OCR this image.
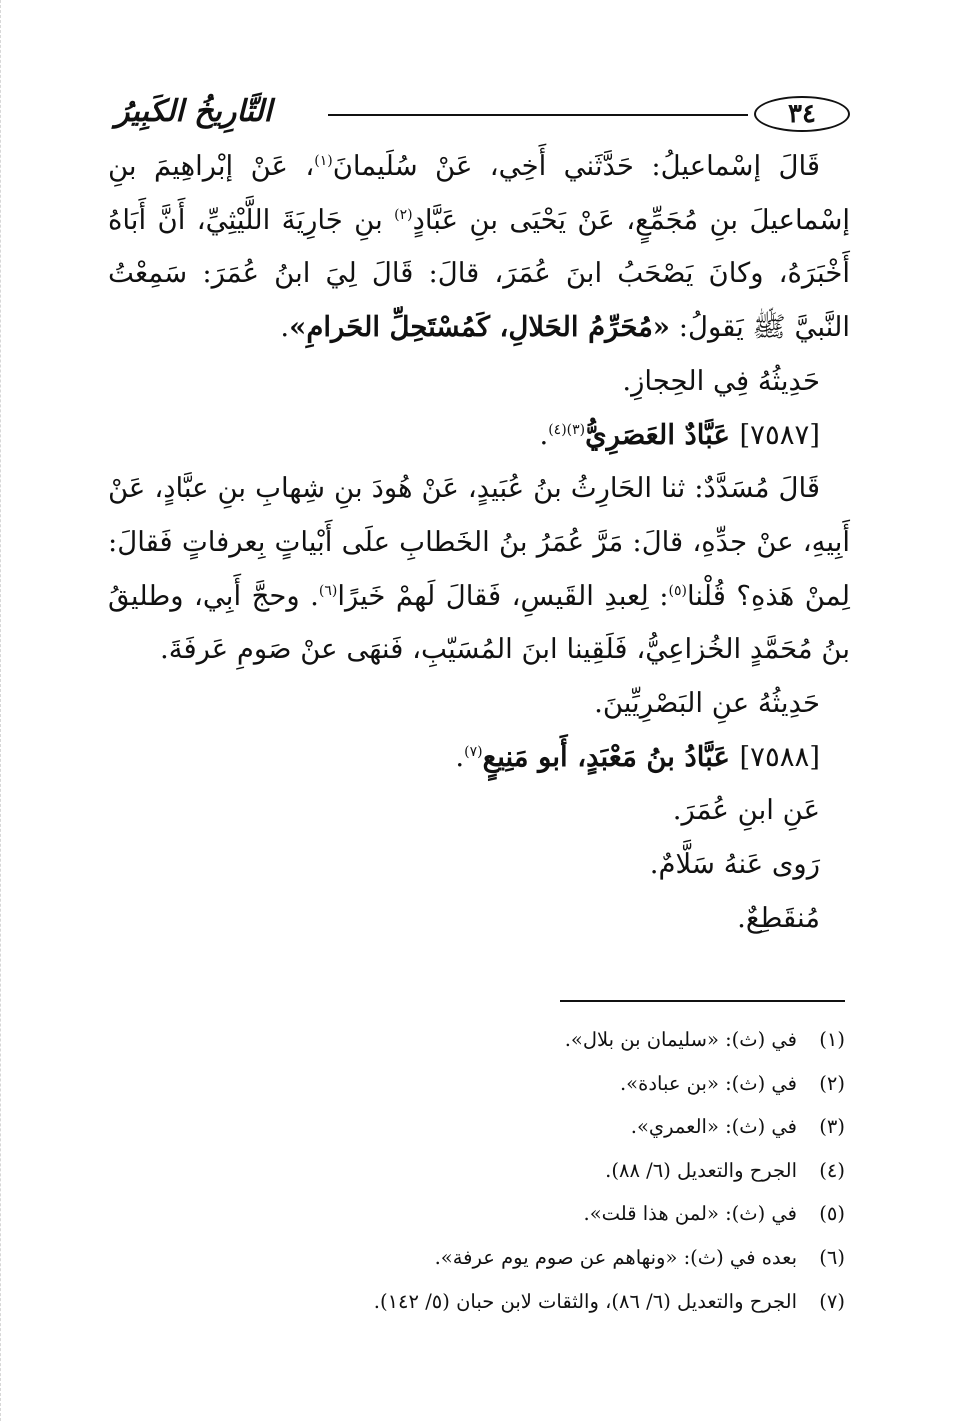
٣٤
التَّارِيخُ الكَبِيرُ

قَالَ إسْماعيلُ: حَدَّثَني أَخِي، عَنْ سُلَيمانَ$^{(١)}$، عَنْ إبْراهِيمَ بنِ إسْماعيلَ بنِ مُجَمِّعٍ، عَنْ يَحْيَى بنِ عَبَّادٍ$^{(٢)}$ بنِ جَارِيَةَ اللَّيْثِيِّ، أَنَّ أَبَاهُ أَخْبَرَهُ، وكانَ يَصْحَبُ ابنَ عُمَرَ، قالَ: قَالَ لِيَ ابنُ عُمَرَ: سَمِعْتُ النَّبيَّ ﷺ يَقولُ: «مُحَرِّمُ الحَلالِ، كَمُسْتَحِلِّ الحَرامِ».

حَدِيثُهُ فِي الحِجازِ.

[٧٥٨٧] عَبَّادٌ العَصَرِيُّ$^{(٣)(٤)}$.

قَالَ مُسَدَّدٌ: ثنا الحَارِثُ بنُ عُبَيدٍ، عَنْ هُودَ بنِ شِهابِ بنِ عبَّادٍ، عَنْ أَبِيهِ، عنْ جدِّهِ، قالَ: مَرَّ عُمَرُ بنُ الخَطابِ علَى أَبْياتٍ بِعرفاتٍ فَقالَ: لِمنْ هَذهِ؟ قُلْنا$^{(٥)}$: لِعبدِ القَيسِ، فَقالَ لَهمْ خَيرًا$^{(٦)}$. وحجَّ أَبِي، وطليقُ بنُ مُحَمَّدٍ الخُزاعِيُّ، فَلَقِينا ابنَ المُسَيّبِ، فَنهَى عنْ صَومِ عَرفَةَ.

حَدِيثُهُ عنِ البَصْرِيِّينَ.

[٧٥٨٨] عَبَّادُ بنُ مَعْبَدٍ، أَبو مَنِيعٍ$^{(٧)}$.

عَنِ ابنِ عُمَرَ.

رَوى عَنهُ سَلَّامٌ.

مُنقَطِعٌ.

(١)
في (ث): «سليمان بن بلال».
(٢)
في (ث): «بن عبادة».
(٣)
في (ث): «العمري».
(٤)
الجرح والتعديل (٦/ ٨٨).
(٥)
في (ث): «لمن هذا قلت».
(٦)
بعده في (ث): «ونهاهم عن صوم يوم عرفة».
(٧)
الجرح والتعديل (٦/ ٨٦)، والثقات لابن حبان (٥/ ١٤٢).
